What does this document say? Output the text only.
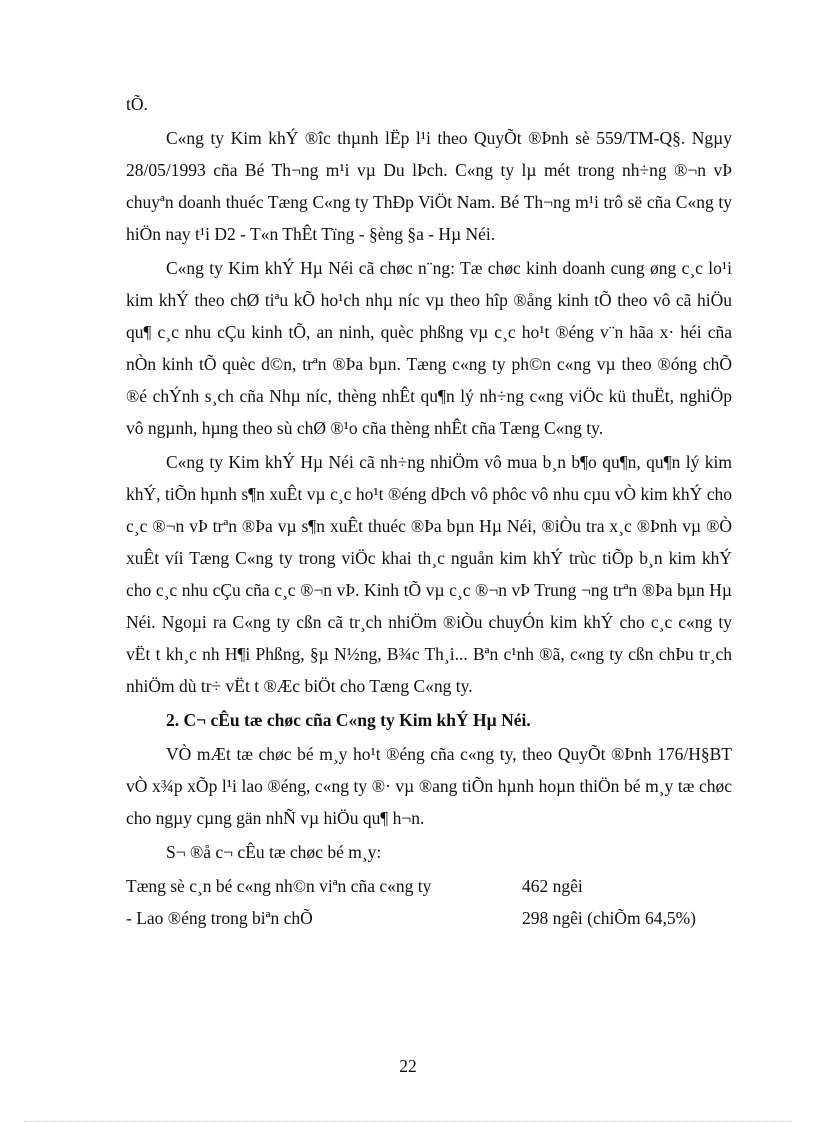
tÕ.

C«ng ty Kim khÝ ®îc thµnh lËp l¹i theo QuyÕt ®Þnh sè 559/TM-Q§. Ngµy 28/05/1993 cña Bé Th¬ng m¹i vµ Du lÞch. C«ng ty lµ mét trong nh÷ng ®¬n vÞ chuyªn doanh thuéc Tæng C«ng ty ThÐp ViÖt Nam. Bé Th¬ng m¹i trô së cña C«ng ty hiÖn nay t¹i D2 - T«n ThÊt Tïng - §èng §a - Hµ Néi.

C«ng ty Kim khÝ Hµ Néi cã chøc n¨ng: Tæ chøc kinh doanh cung øng c¸c lo¹i kim khÝ theo chØ tiªu kÕ ho¹ch nhµ níc vµ theo hîp ®ång kinh tÕ theo vô cã hiÖu qu¶ c¸c nhu cÇu kinh tÕ, an ninh, quèc phßng vµ c¸c ho¹t ®éng v¨n hãa x· héi cña nÒn kinh tÕ quèc d©n, trªn ®Þa bµn. Tæng c«ng ty ph©n c«ng vµ theo ®óng chÕ ®é chÝnh s¸ch cña Nhµ níc, thèng nhÊt qu¶n lý nh÷ng c«ng viÖc kü thuËt, nghiÖp vô ngµnh, hµng theo sù chØ ®¹o cña thèng nhÊt cña Tæng C«ng ty.

C«ng ty Kim khÝ Hµ Néi cã nh÷ng nhiÖm vô mua b¸n b¶o qu¶n, qu¶n lý kim khÝ, tiÕn hµnh s¶n xuÊt vµ c¸c ho¹t ®éng dÞch vô phôc vô nhu cµu vÒ kim khÝ cho c¸c ®¬n vÞ trªn ®Þa vµ s¶n xuÊt thuéc ®Þa bµn Hµ Néi, ®iÒu tra x¸c ®Þnh vµ ®Ò xuÊt víi Tæng C«ng ty trong viÖc khai th¸c nguån kim khÝ trùc tiÕp b¸n kim khÝ cho c¸c nhu cÇu cña c¸c ®¬n vÞ. Kinh tÕ vµ c¸c ®¬n vÞ Trung ¬ng trªn ®Þa bµn Hµ Néi. Ngoµi ra C«ng ty cßn cã tr¸ch nhiÖm ®iÒu chuyÓn kim khÝ cho c¸c c«ng ty vËt t kh¸c nh H¶i Phßng, §µ N½ng, B¾c Th¸i... Bªn c¹nh ®ã, c«ng ty cßn chÞu tr¸ch nhiÖm dù tr÷ vËt t ®Æc biÖt cho Tæng C«ng ty.

2. C¬ cÊu tæ chøc cña C«ng ty Kim khÝ Hµ Néi.

VÒ mÆt tæ chøc bé m¸y ho¹t ®éng cña c«ng ty, theo QuyÕt ®Þnh 176/H§BT vÒ x¾p xÕp l¹i lao ®éng, c«ng ty ®· vµ ®ang tiÕn hµnh hoµn thiÖn bé m¸y tæ chøc cho ngµy cµng gän nhÑ vµ hiÖu qu¶ h¬n.

S¬ ®å c¬ cÊu tæ chøc bé m¸y:

Tæng sè c¸n bé c«ng nh©n viªn cña c«ng ty	462 ngêi
- Lao ®éng trong biªn chÕ	298 ngêi (chiÕm 64,5%)
22
